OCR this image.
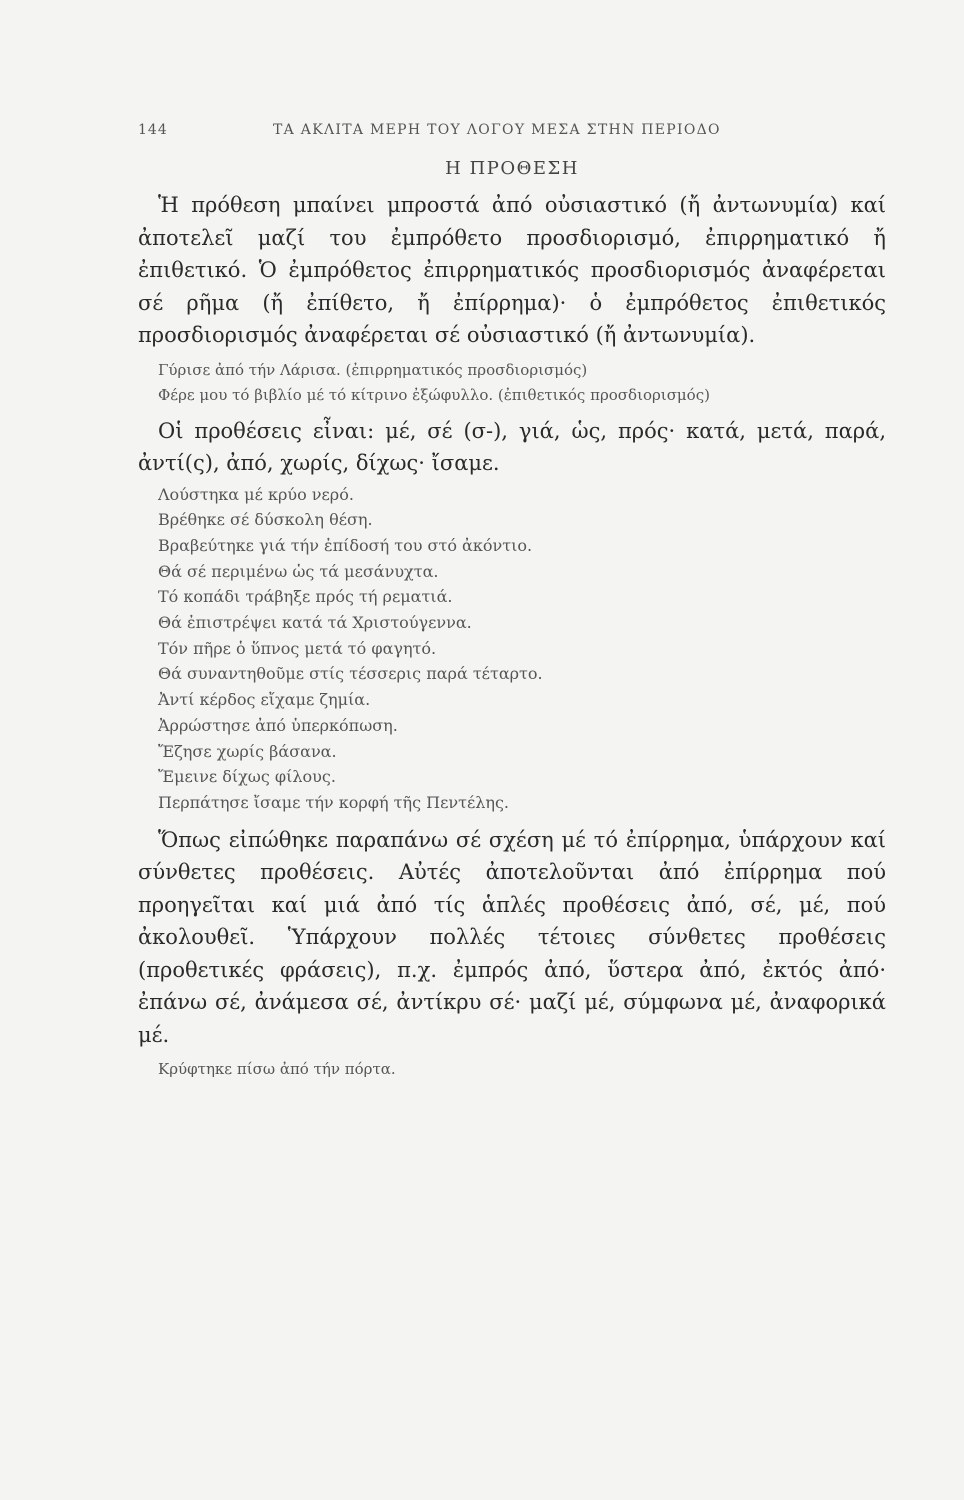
144	ΤΑ ΑΚΛΙΤΑ ΜΕΡΗ ΤΟΥ ΛΟΓΟΥ ΜΕΣΑ ΣΤΗΝ ΠΕΡΙΟΔΟ
Η ΠΡΟΘΕΣΗ

Ἡ πρόθεση μπαίνει μπροστά ἀπό οὐσιαστικό (ἤ ἀντωνυμία) καί ἀποτελεῖ μαζί του ἐμπρόθετο προσδιορισμό, ἐπιρρηματικό ἤ ἐπιθετικό. Ὁ ἐμπρόθετος ἐπιρρηματικός προσδιορισμός ἀναφέρεται σέ ρῆμα (ἤ ἐπίθετο, ἤ ἐπίρρημα)· ὁ ἐμπρόθετος ἐπιθετικός προσδιορισμός ἀναφέρεται σέ οὐσιαστικό (ἤ ἀντωνυμία).

Γύρισε ἀπό τήν Λάρισα. (ἐπιρρηματικός προσδιορισμός)
Φέρε μου τό βιβλίο μέ τό κίτρινο ἐξώφυλλο. (ἐπιθετικός προσδιορισμός)

Οἱ προθέσεις εἶναι: μέ, σέ (σ-), γιά, ὡς, πρός· κατά, μετά, παρά, ἀντί(ς), ἀπό, χωρίς, δίχως· ἴσαμε.

Λούστηκα μέ κρύο νερό.
Βρέθηκε σέ δύσκολη θέση.
Βραβεύτηκε γιά τήν ἐπίδοσή του στό ἀκόντιο.
Θά σέ περιμένω ὡς τά μεσάνυχτα.
Τό κοπάδι τράβηξε πρός τή ρεματιά.
Θά ἐπιστρέψει κατά τά Χριστούγεννα.
Τόν πῆρε ὁ ὕπνος μετά τό φαγητό.
Θά συναντηθοῦμε στίς τέσσερις παρά τέταρτο.
Ἀντί κέρδος εἴχαμε ζημία.
Ἀρρώστησε ἀπό ὑπερκόπωση.
Ἔζησε χωρίς βάσανα.
Ἔμεινε δίχως φίλους.
Περπάτησε ἴσαμε τήν κορφή τῆς Πεντέλης.

Ὅπως εἰπώθηκε παραπάνω σέ σχέση μέ τό ἐπίρρημα, ὑπάρχουν καί σύνθετες προθέσεις. Αὐτές ἀποτελοῦνται ἀπό ἐπίρρημα πού προηγεῖται καί μιά ἀπό τίς ἁπλές προθέσεις ἀπό, σέ, μέ, πού ἀκολουθεῖ. Ὑπάρχουν πολλές τέτοιες σύνθετες προθέσεις (προθετικές φράσεις), π.χ. ἐμπρός ἀπό, ὕστερα ἀπό, ἐκτός ἀπό· ἐπάνω σέ, ἀνάμεσα σέ, ἀντίκρυ σέ· μαζί μέ, σύμφωνα μέ, ἀναφορικά μέ.

Κρύφτηκε πίσω ἀπό τήν πόρτα.
